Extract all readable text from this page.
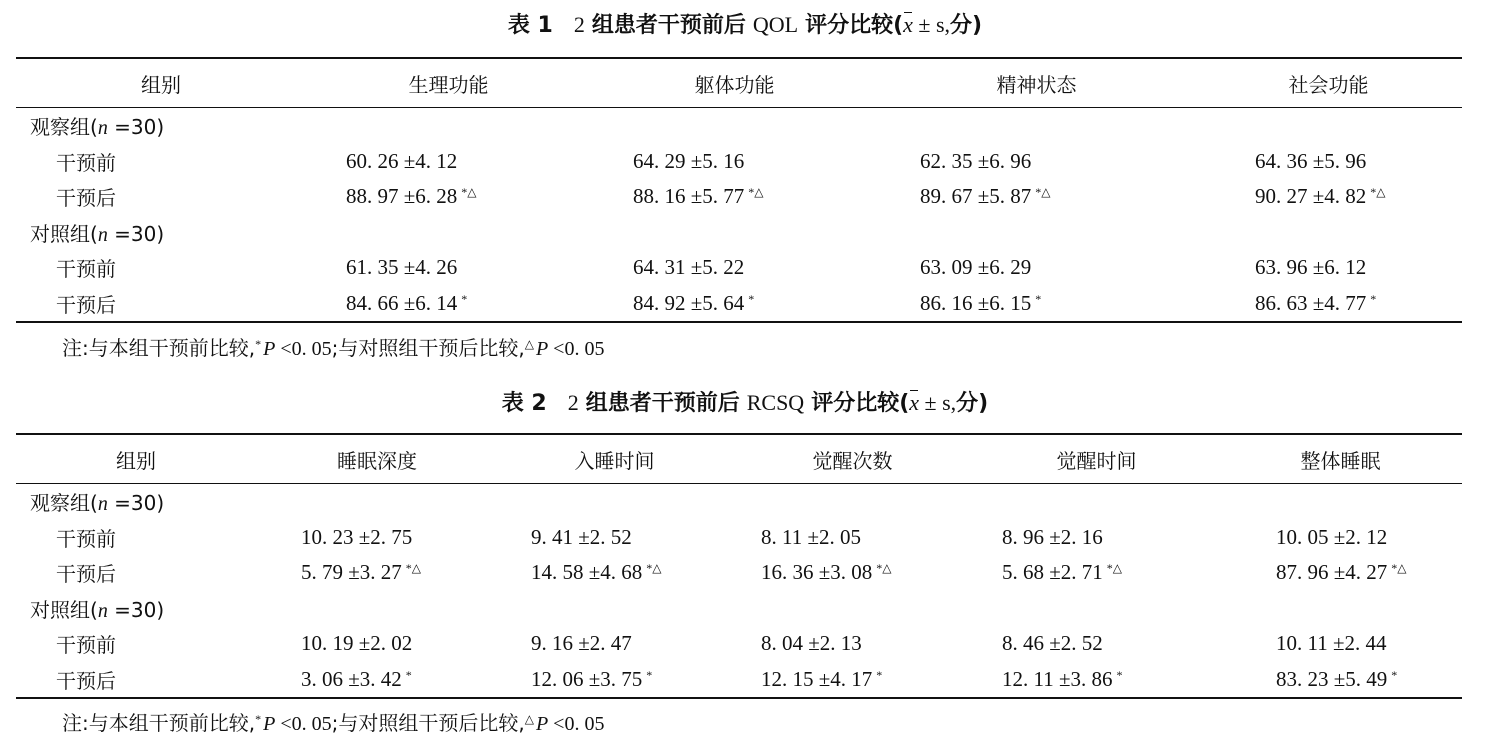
表 1 2 组患者干预前后 QOL 评分比较(x ± s,分)
组别	生理功能	躯体功能	精神状态	社会功能
观察组(n =30)				
干预前	60. 26 ±4. 12	64. 29 ±5. 16	62. 35 ±6. 96	64. 36 ±5. 96
干预后	88. 97 ±6. 28 *△	88. 16 ±5. 77 *△	89. 67 ±5. 87 *△	90. 27 ±4. 82 *△
对照组(n =30)				
干预前	61. 35 ±4. 26	64. 31 ±5. 22	63. 09 ±6. 29	63. 96 ±6. 12
干预后	84. 66 ±6. 14 *	84. 92 ±5. 64 *	86. 16 ±6. 15 *	86. 63 ±4. 77 *
注:与本组干预前比较,* P <0. 05;与对照组干预后比较,△ P <0. 05
表 2 2 组患者干预前后 RCSQ 评分比较(x ± s,分)
组别	睡眠深度	入睡时间	觉醒次数	觉醒时间	整体睡眠
观察组(n =30)					
干预前	10. 23 ±2. 75	9. 41 ±2. 52	8. 11 ±2. 05	8. 96 ±2. 16	10. 05 ±2. 12
干预后	5. 79 ±3. 27 *△	14. 58 ±4. 68 *△	16. 36 ±3. 08 *△	5. 68 ±2. 71 *△	87. 96 ±4. 27 *△
对照组(n =30)					
干预前	10. 19 ±2. 02	9. 16 ±2. 47	8. 04 ±2. 13	8. 46 ±2. 52	10. 11 ±2. 44
干预后	3. 06 ±3. 42 *	12. 06 ±3. 75 *	12. 15 ±4. 17 *	12. 11 ±3. 86 *	83. 23 ±5. 49 *
注:与本组干预前比较,* P <0. 05;与对照组干预后比较,△ P <0. 05
